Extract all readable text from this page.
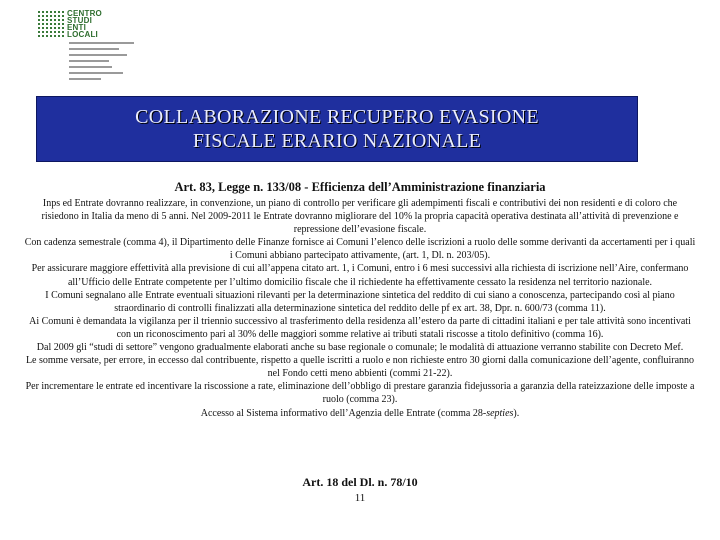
CENTRO
STUDI
ENTI
LOCALI
COLLABORAZIONE RECUPERO EVASIONE
FISCALE ERARIO NAZIONALE
Art. 83, Legge n. 133/08 - Efficienza dell’Amministrazione finanziaria

Inps ed Entrate dovranno realizzare, in convenzione, un piano di controllo per verificare gli adempimenti fiscali e contributivi dei non residenti e di coloro che risiedono in Italia da meno di 5 anni. Nel 2009-2011 le Entrate dovranno migliorare del 10% la propria capacità operativa destinata all’attività di prevenzione e repressione dell’evasione fiscale.

Con cadenza semestrale (comma 4), il Dipartimento delle Finanze fornisce ai Comuni l’elenco delle iscrizioni a ruolo delle somme derivanti da accertamenti per i quali i Comuni abbiano partecipato attivamente, (art. 1, Dl. n. 203/05).

Per assicurare maggiore effettività alla previsione di cui all’appena citato art. 1, i Comuni, entro i 6 mesi successivi alla richiesta di iscrizione nell’Aire, confermano all’Ufficio delle Entrate competente per l’ultimo domicilio fiscale che il richiedente ha effettivamente cessato la residenza nel territorio nazionale.

I Comuni segnalano alle Entrate eventuali situazioni rilevanti per la determinazione sintetica del reddito di cui siano a conoscenza, partecipando così al piano straordinario di controlli finalizzati alla determinazione sintetica del reddito delle pf ex art. 38, Dpr. n. 600/73 (comma 11).

Ai Comuni è demandata la vigilanza per il triennio successivo al trasferimento della residenza all’estero da parte di cittadini italiani e per tale attività sono incentivati con un riconoscimento pari al 30% delle maggiori somme relative ai tributi statali riscosse a titolo definitivo (comma 16).

Dal 2009 gli “studi di settore” vengono gradualmente elaborati anche su base regionale o comunale; le modalità di attuazione verranno stabilite con Decreto Mef.

Le somme versate, per errore, in eccesso dal contribuente, rispetto a quelle iscritti a ruolo e non richieste entro 30 giorni dalla comunicazione dell’agente, confluiranno nel Fondo cetti meno abbienti (commi 21-22).

Per incrementare le entrate ed incentivare la riscossione a rate, eliminazione dell’obbligo di prestare garanzia fidejussoria a garanzia della rateizzazione delle imposte a ruolo (comma 23).

Accesso al Sistema informativo dell’Agenzia delle Entrate (comma 28-septies).

Art. 18 del Dl. n. 78/10
11
